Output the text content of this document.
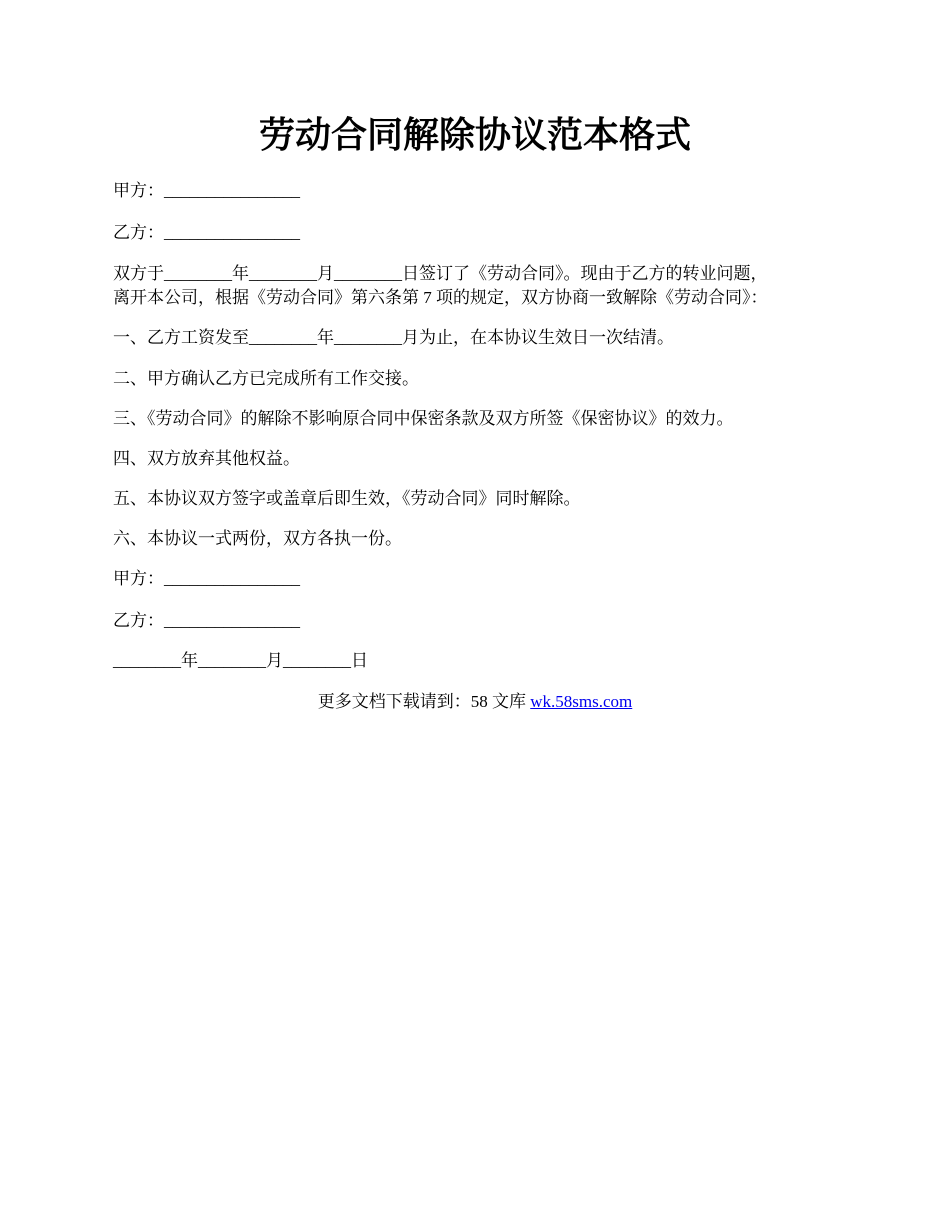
劳动合同解除协议范本格式
甲方：________________
乙方：________________
双方于________年________月________日签订了《劳动合同》。现由于乙方的转业问题，
离开本公司，根据《劳动合同》第六条第 7 项的规定，双方协商一致解除《劳动合同》：
一、乙方工资发至________年________月为止，在本协议生效日一次结清。
二、甲方确认乙方已完成所有工作交接。
三、《劳动合同》的解除不影响原合同中保密条款及双方所签《保密协议》的效力。
四、双方放弃其他权益。
五、本协议双方签字或盖章后即生效，《劳动合同》同时解除。
六、本协议一式两份，双方各执一份。
甲方：________________
乙方：________________
________年________月________日
更多文档下载请到：58 文库 wk.58sms.com
